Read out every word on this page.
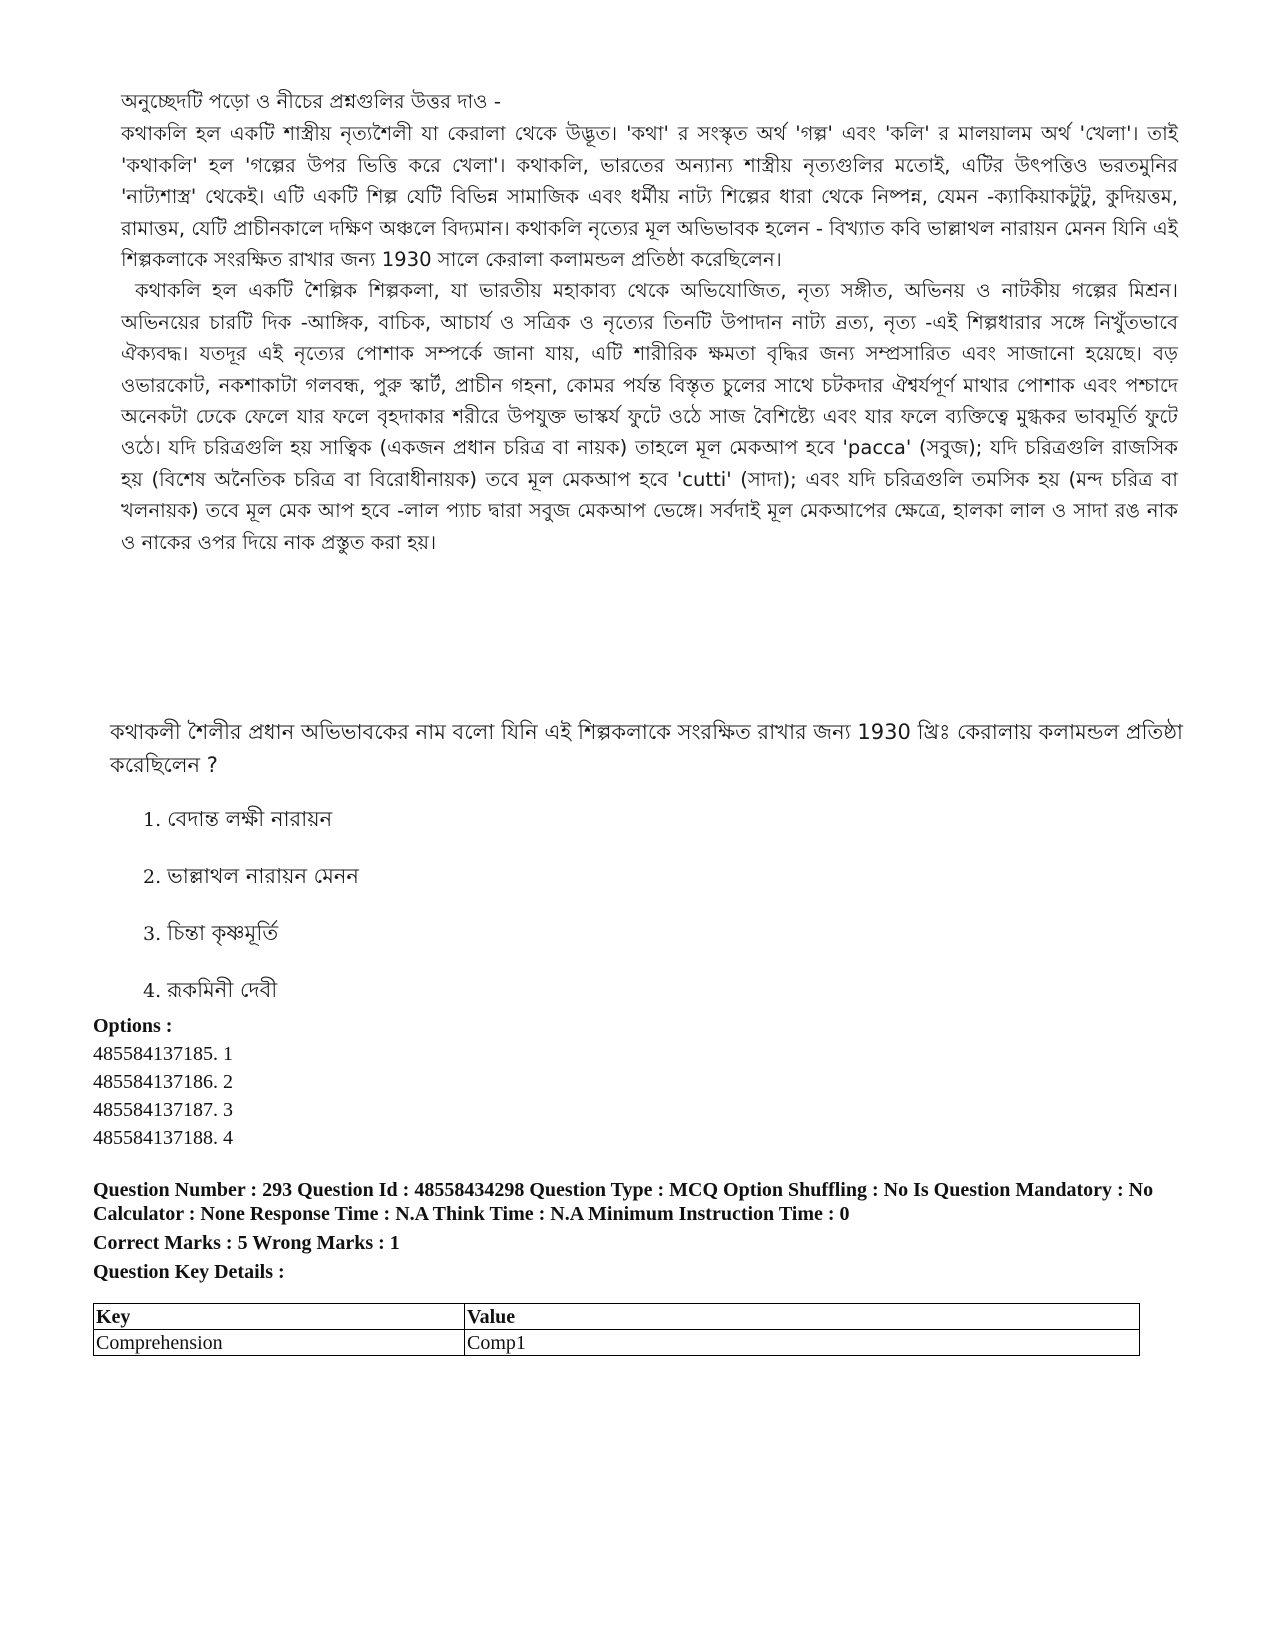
অনুচ্ছেদটি পড়ো ও নীচের প্রশ্নগুলির উত্তর দাও -

কথাকলি হল একটি শাস্ত্রীয় নৃত্যশৈলী যা কেরালা থেকে উদ্ভূত। 'কথা' র সংস্কৃত অর্থ 'গল্প' এবং 'কলি' র মালয়ালম অর্থ 'খেলা'। তাই 'কথাকলি' হল 'গল্পের উপর ভিত্তি করে খেলা'। কথাকলি, ভারতের অন্যান্য শাস্ত্রীয় নৃত্যগুলির মতোই, এটির উৎপত্তিও ভরতমুনির 'নাট্যশাস্ত্র' থেকেই। এটি একটি শিল্প যেটি বিভিন্ন সামাজিক এবং ধর্মীয় নাট্য শিল্পের ধারা থেকে নিষ্পন্ন, যেমন -ক্যাকিয়াকটুটু, কুদিয়ত্তম, রামাত্তম, যেটি প্রাচীনকালে দক্ষিণ অঞ্চলে বিদ্যমান। কথাকলি নৃত্যের মূল অভিভাবক হলেন - বিখ্যাত কবি ভাল্লাথল নারায়ন মেনন যিনি এই শিল্পকলাকে সংরক্ষিত রাখার জন্য 1930 সালে কেরালা কলামন্ডল প্রতিষ্ঠা করেছিলেন।

কথাকলি হল একটি শৈল্পিক শিল্পকলা, যা ভারতীয় মহাকাব্য থেকে অভিযোজিত, নৃত্য সঙ্গীত, অভিনয় ও নাটকীয় গল্পের মিশ্রন। অভিনয়ের চারটি দিক -আঙ্গিক, বাচিক, আচার্য ও সত্রিক ও নৃত্যের তিনটি উপাদান নাট্য ন্রত্য, নৃত্য -এই শিল্পধারার সঙ্গে নিখুঁতভাবে ঐক্যবদ্ধ। যতদূর এই নৃত্যের পোশাক সম্পর্কে জানা যায়, এটি শারীরিক ক্ষমতা বৃদ্ধির জন্য সম্প্রসারিত এবং সাজানো হয়েছে। বড় ওভারকোট, নকশাকাটা গলবন্ধ, পুরু স্কার্ট, প্রাচীন গহনা, কোমর পর্যন্ত বিস্তৃত চুলের সাথে চটকদার ঐশ্বর্যপূর্ণ মাথার পোশাক এবং পশ্চাদে অনেকটা ঢেকে ফেলে যার ফলে বৃহদাকার শরীরে উপযুক্ত ভাস্কর্য ফুটে ওঠে সাজ বৈশিষ্ট্যে এবং যার ফলে ব্যক্তিত্বে মুগ্ধকর ভাবমূর্তি ফুটে ওঠে। যদি চরিত্রগুলি হয় সাত্বিক (একজন প্রধান চরিত্র বা নায়ক) তাহলে মূল মেকআপ হবে 'pacca' (সবুজ); যদি চরিত্রগুলি রাজসিক হয় (বিশেষ অনৈতিক চরিত্র বা বিরোধীনায়ক) তবে মূল মেকআপ হবে 'cutti' (সাদা); এবং যদি চরিত্রগুলি তমসিক হয় (মন্দ চরিত্র বা খলনায়ক) তবে মূল মেক আপ হবে -লাল প্যাচ দ্বারা সবুজ মেকআপ ভেঙ্গে। সর্বদাই মূল মেকআপের ক্ষেত্রে, হালকা লাল ও সাদা রঙ নাক ও নাকের ওপর দিয়ে নাক প্রস্তুত করা হয়।

কথাকলী শৈলীর প্রধান অভিভাবকের নাম বলো যিনি এই শিল্পকলাকে সংরক্ষিত রাখার জন্য 1930 খ্রিঃ কেরালায় কলামন্ডল প্রতিষ্ঠা করেছিলেন ?

1. বেদান্ত লক্ষী নারায়ন
2. ভাল্লাথল নারায়ন মেনন
3. চিন্তা কৃষ্ণমূর্তি
4. রূকমিনী দেবী
Options :
485584137185. 1
485584137186. 2
485584137187. 3
485584137188. 4

Question Number : 293 Question Id : 48558434298 Question Type : MCQ Option Shuffling : No Is Question Mandatory : No Calculator : None Response Time : N.A Think Time : N.A Minimum Instruction Time : 0

Correct Marks : 5 Wrong Marks : 1

Question Key Details :

Key	Value
Comprehension	Comp1
